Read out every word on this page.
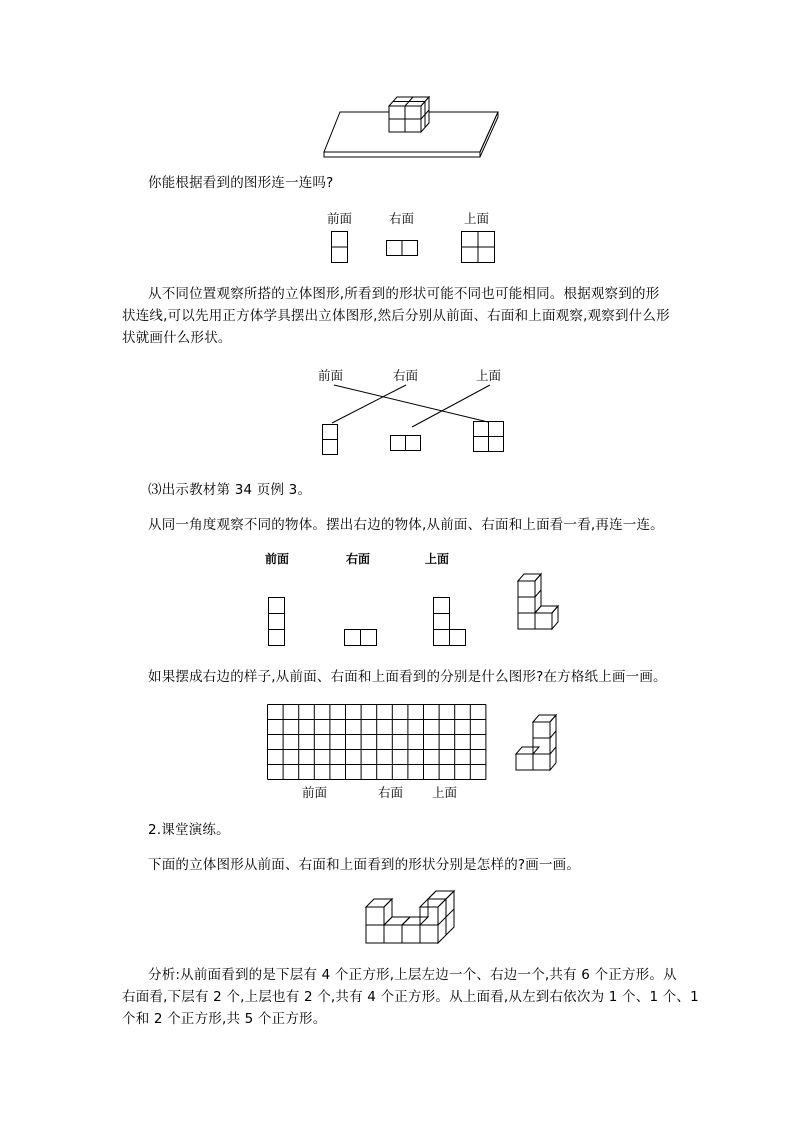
你能根据看到的图形连一连吗?

前面	右面	上面

从不同位置观察所搭的立体图形,所看到的形状可能不同也可能相同。根据观察到的形

状连线,可以先用正方体学具摆出立体图形,然后分别从前面、右面和上面观察,观察到什么形

状就画什么形状。

前面	右面	上面

⑶出示教材第 34 页例 3。

从同一角度观察不同的物体。摆出右边的物体,从前面、右面和上面看一看,再连一连。

前面	右面	上面

如果摆成右边的样子,从前面、右面和上面看到的分别是什么图形?在方格纸上画一画。

前面	右面 上面

2.课堂演练。

下面的立体图形从前面、右面和上面看到的形状分别是怎样的?画一画。

分析:从前面看到的是下层有 4 个正方形,上层左边一个、右边一个,共有 6 个正方形。从

右面看,下层有 2 个,上层也有 2 个,共有 4 个正方形。从上面看,从左到右依次为 1 个、1 个、1

个和 2 个正方形,共 5 个正方形。
